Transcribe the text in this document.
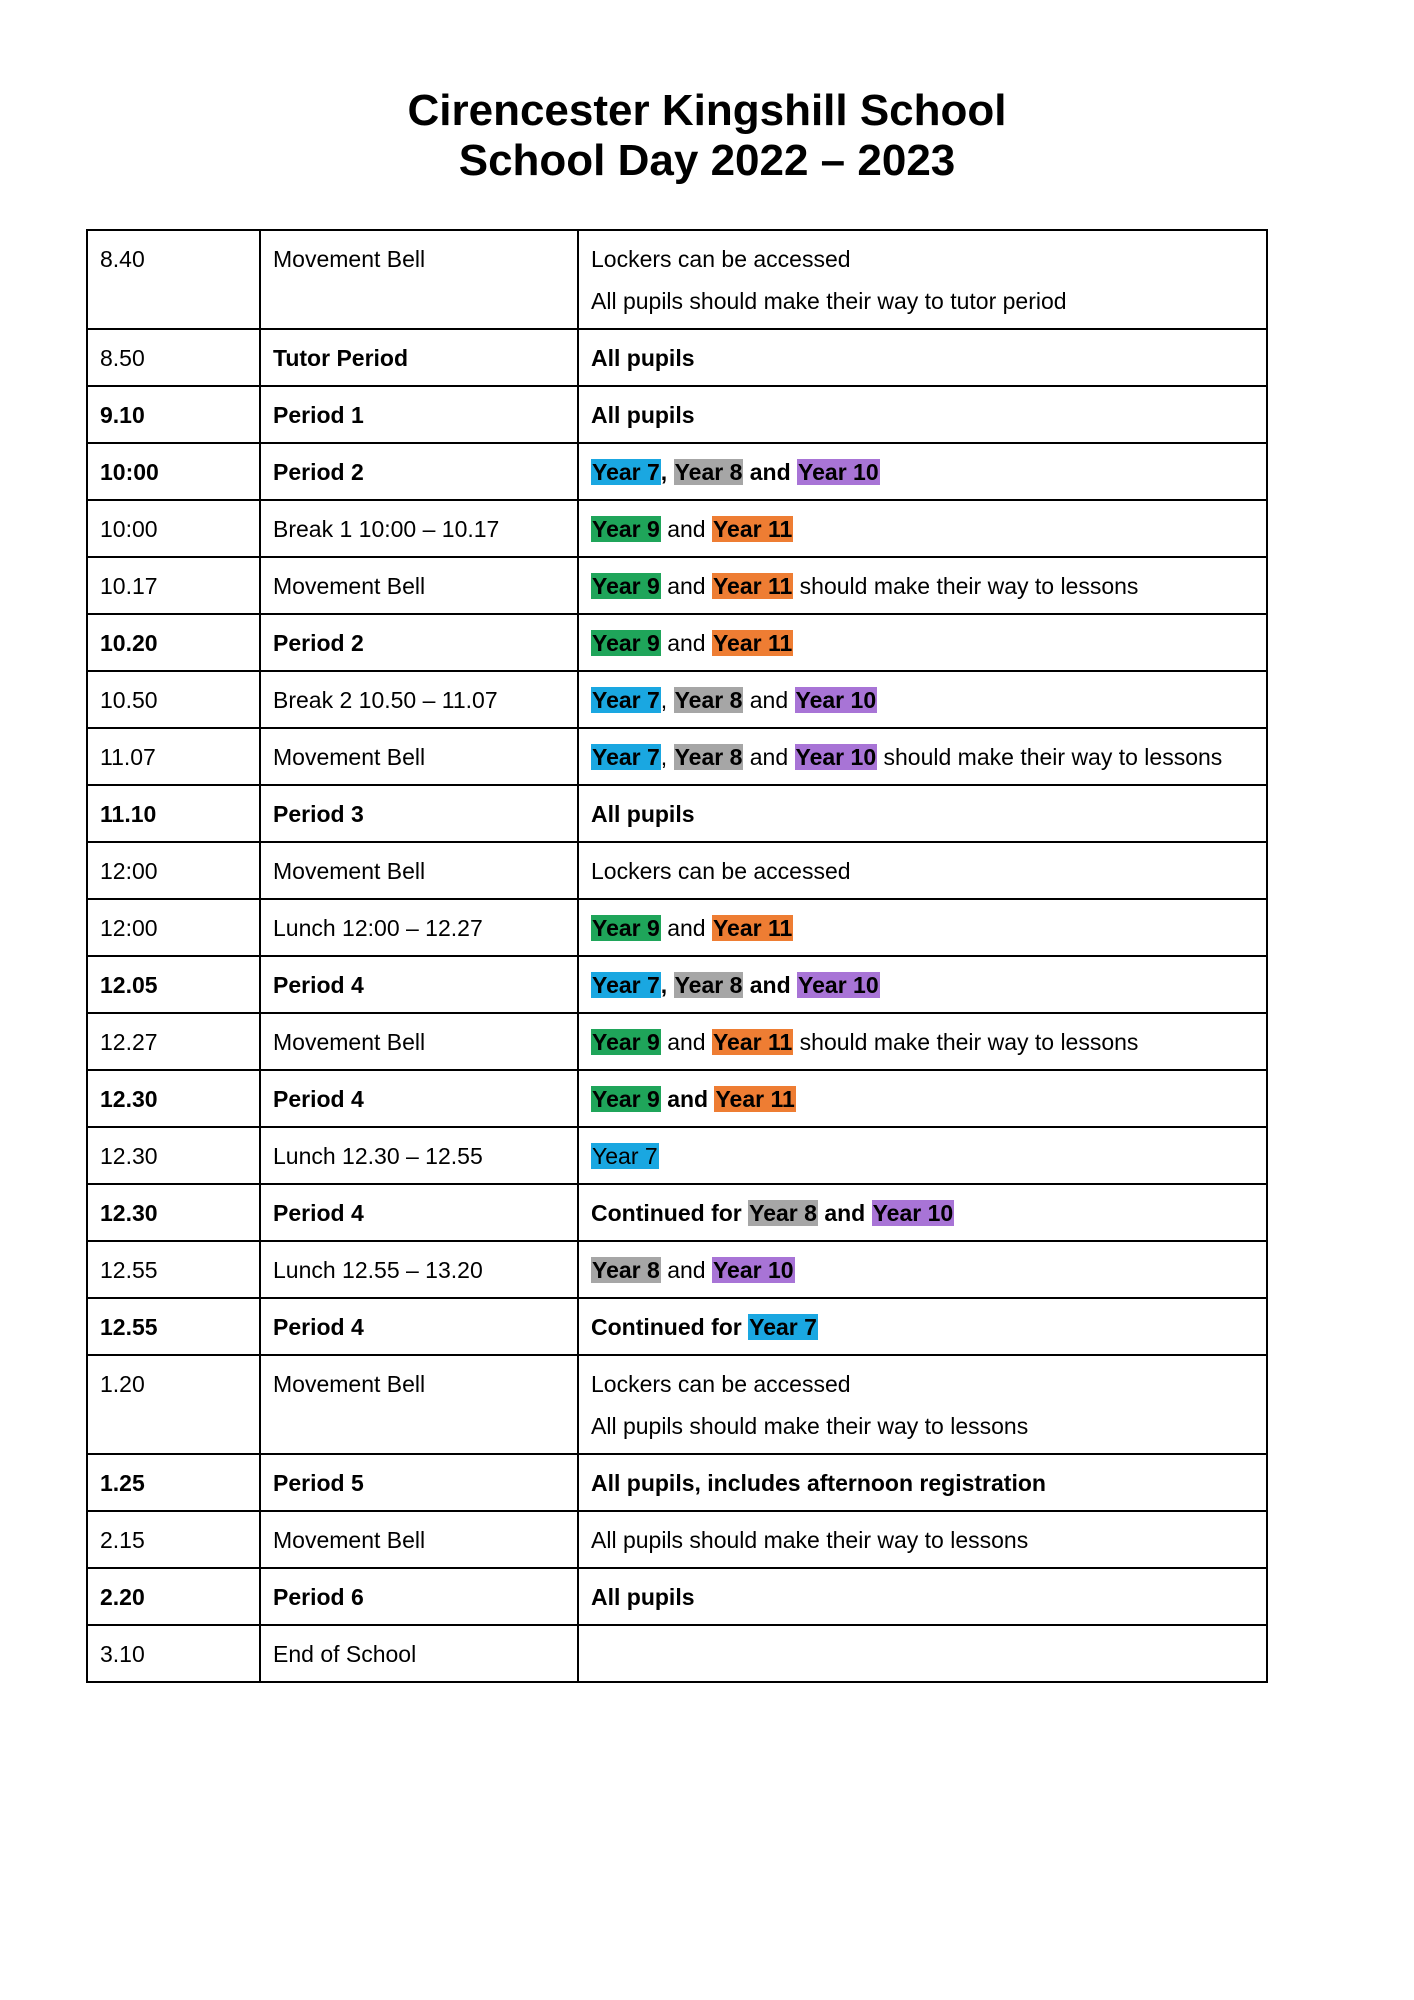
Cirencester Kingshill School
School Day 2022 – 2023
8.40	Movement Bell	Lockers can be accessed
All pupils should make their way to tutor period

8.50	Tutor Period	All pupils
9.10	Period 1	All pupils
10:00	Period 2	Year 7, Year 8 and Year 10
10:00	Break 1 10:00 – 10.17	Year 9 and Year 11
10.17	Movement Bell	Year 9 and Year 11 should make their way to lessons
10.20	Period 2	Year 9 and Year 11
10.50	Break 2 10.50 – 11.07	Year 7, Year 8 and Year 10
11.07	Movement Bell	Year 7, Year 8 and Year 10 should make their way to lessons
11.10	Period 3	All pupils
12:00	Movement Bell	Lockers can be accessed
12:00	Lunch 12:00 – 12.27	Year 9 and Year 11
12.05	Period 4	Year 7, Year 8 and Year 10
12.27	Movement Bell	Year 9 and Year 11 should make their way to lessons
12.30	Period 4	Year 9 and Year 11
12.30	Lunch 12.30 – 12.55	Year 7
12.30	Period 4	Continued for Year 8 and Year 10
12.55	Lunch 12.55 – 13.20	Year 8 and Year 10
12.55	Period 4	Continued for Year 7
1.20	Movement Bell	Lockers can be accessed
All pupils should make their way to lessons

1.25	Period 5	All pupils, includes afternoon registration
2.15	Movement Bell	All pupils should make their way to lessons
2.20	Period 6	All pupils
3.10	End of School	
